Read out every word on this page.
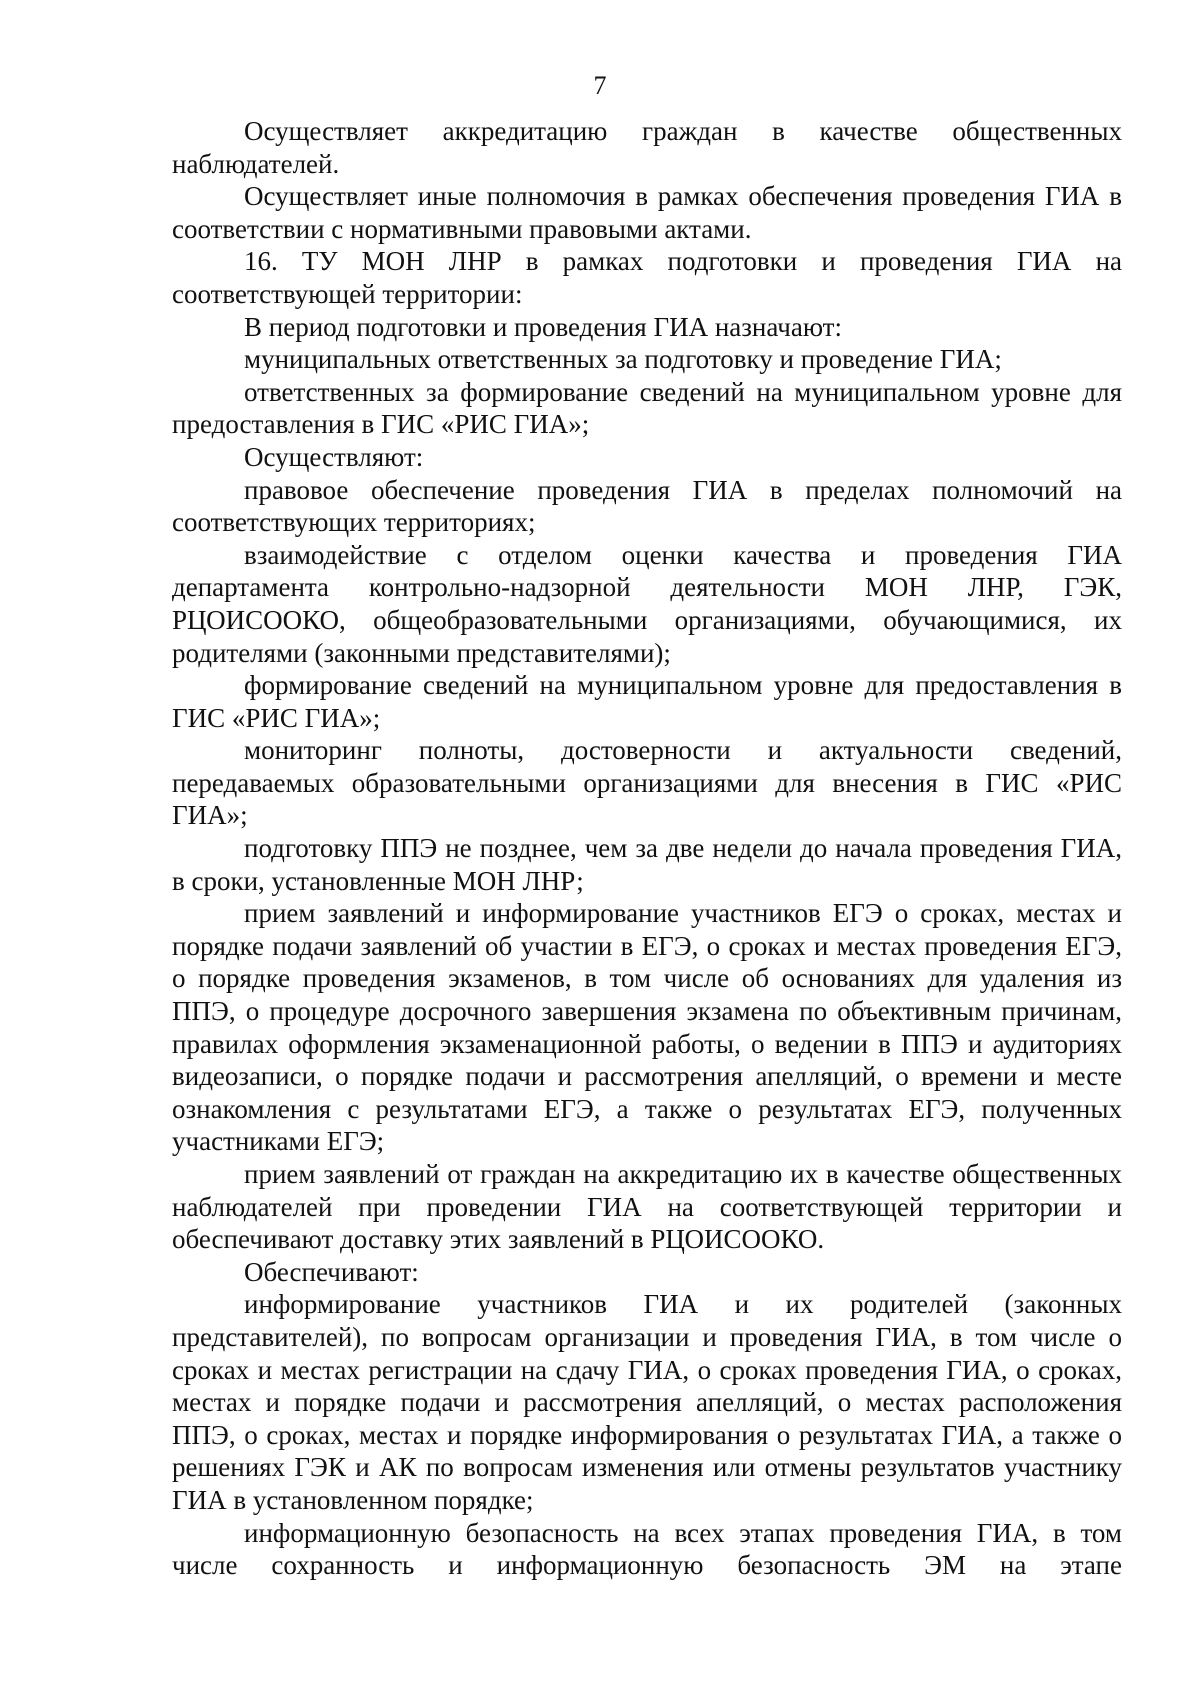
7

Осуществляет аккредитацию граждан в качестве общественных наблюдателей.

Осуществляет иные полномочия в рамках обеспечения проведения ГИА в соответствии с нормативными правовыми актами.

16. ТУ МОН ЛНР в рамках подготовки и проведения ГИА на соответствующей территории:

В период подготовки и проведения ГИА назначают:

муниципальных ответственных за подготовку и проведение ГИА;

ответственных за формирование сведений на муниципальном уровне для предоставления в ГИС «РИС ГИА»;

Осуществляют:

правовое обеспечение проведения ГИА в пределах полномочий на соответствующих территориях;

взаимодействие с отделом оценки качества и проведения ГИА департамента контрольно-надзорной деятельности МОН ЛНР, ГЭК, РЦОИСООКО, общеобразовательными организациями, обучающимися, их родителями (законными представителями);

формирование сведений на муниципальном уровне для предоставления в ГИС «РИС ГИА»;

мониторинг полноты, достоверности и актуальности сведений, передаваемых образовательными организациями для внесения в ГИС «РИС ГИА»;

подготовку ППЭ не позднее, чем за две недели до начала проведения ГИА, в сроки, установленные МОН ЛНР;

прием заявлений и информирование участников ЕГЭ о сроках, местах и порядке подачи заявлений об участии в ЕГЭ, о сроках и местах проведения ЕГЭ, о порядке проведения экзаменов, в том числе об основаниях для удаления из ППЭ, о процедуре досрочного завершения экзамена по объективным причинам, правилах оформления экзаменационной работы, о ведении в ППЭ и аудиториях видеозаписи, о порядке подачи и рассмотрения апелляций, о времени и месте ознакомления с результатами ЕГЭ, а также о результатах ЕГЭ, полученных участниками ЕГЭ;

прием заявлений от граждан на аккредитацию их в качестве общественных наблюдателей при проведении ГИА на соответствующей территории и обеспечивают доставку этих заявлений в РЦОИСООКО.

Обеспечивают:

информирование участников ГИА и их родителей (законных представителей), по вопросам организации и проведения ГИА, в том числе о сроках и местах регистрации на сдачу ГИА, о сроках проведения ГИА, о сроках, местах и порядке подачи и рассмотрения апелляций, о местах расположения ППЭ, о сроках, местах и порядке информирования о результатах ГИА, а также о решениях ГЭК и АК по вопросам изменения или отмены результатов участнику ГИА в установленном порядке;

информационную безопасность на всех этапах проведения ГИА, в том числе сохранность и информационную безопасность ЭМ на этапе
